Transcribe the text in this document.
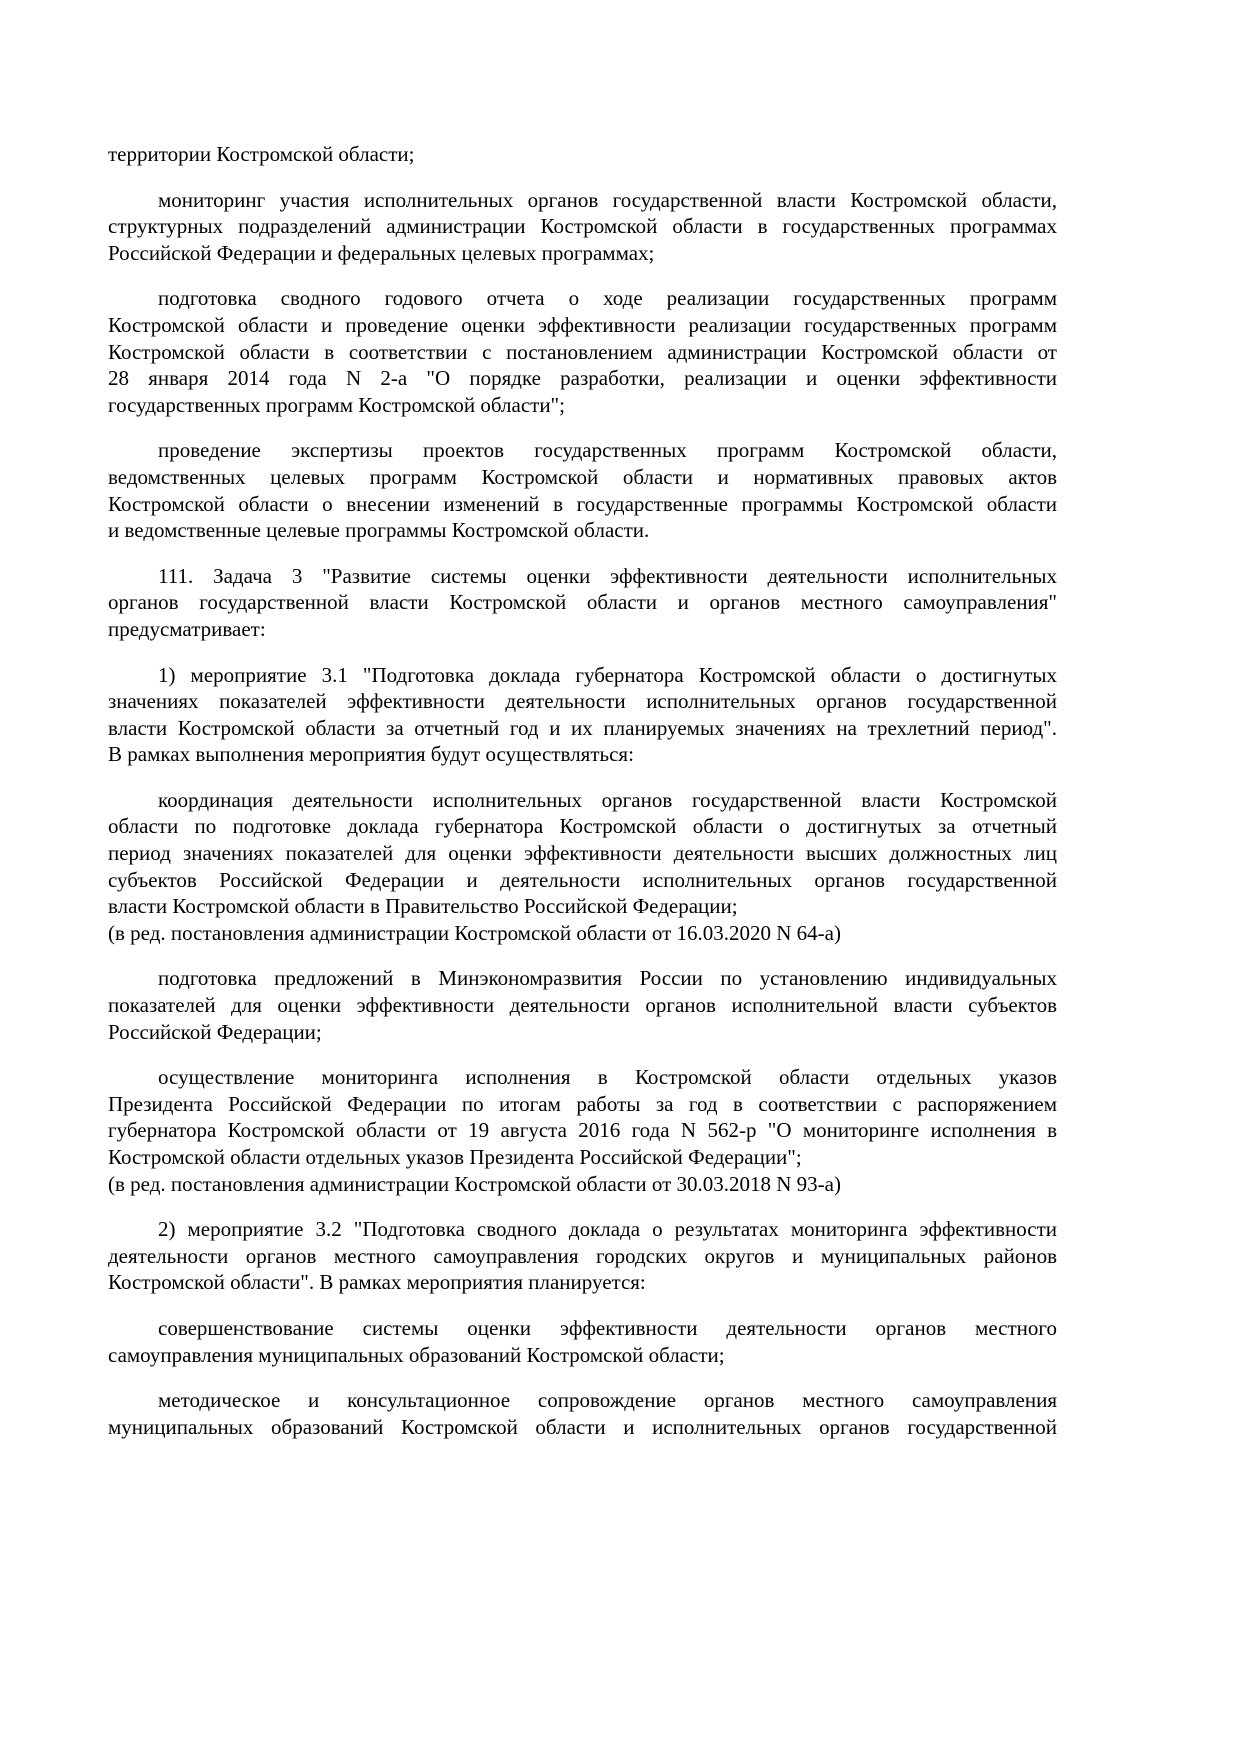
территории Костромской области;
мониторинг участия исполнительных органов государственной власти Костромской области,
структурных подразделений администрации Костромской области в государственных программах
Российской Федерации и федеральных целевых программах;
подготовка сводного годового отчета о ходе реализации государственных программ
Костромской области и проведение оценки эффективности реализации государственных программ
Костромской области в соответствии с постановлением администрации Костромской области от
28 января 2014 года N 2-а "О порядке разработки, реализации и оценки эффективности
государственных программ Костромской области";
проведение экспертизы проектов государственных программ Костромской области,
ведомственных целевых программ Костромской области и нормативных правовых актов
Костромской области о внесении изменений в государственные программы Костромской области
и ведомственные целевые программы Костромской области.
111. Задача 3 "Развитие системы оценки эффективности деятельности исполнительных
органов государственной власти Костромской области и органов местного самоуправления"
предусматривает:
1) мероприятие 3.1 "Подготовка доклада губернатора Костромской области о достигнутых
значениях показателей эффективности деятельности исполнительных органов государственной
власти Костромской области за отчетный год и их планируемых значениях на трехлетний период".
В рамках выполнения мероприятия будут осуществляться:
координация деятельности исполнительных органов государственной власти Костромской
области по подготовке доклада губернатора Костромской области о достигнутых за отчетный
период значениях показателей для оценки эффективности деятельности высших должностных лиц
субъектов Российской Федерации и деятельности исполнительных органов государственной
власти Костромской области в Правительство Российской Федерации;
(в ред. постановления администрации Костромской области от 16.03.2020 N 64-а)
подготовка предложений в Минэкономразвития России по установлению индивидуальных
показателей для оценки эффективности деятельности органов исполнительной власти субъектов
Российской Федерации;
осуществление мониторинга исполнения в Костромской области отдельных указов
Президента Российской Федерации по итогам работы за год в соответствии с распоряжением
губернатора Костромской области от 19 августа 2016 года N 562-р "О мониторинге исполнения в
Костромской области отдельных указов Президента Российской Федерации";
(в ред. постановления администрации Костромской области от 30.03.2018 N 93-а)
2) мероприятие 3.2 "Подготовка сводного доклада о результатах мониторинга эффективности
деятельности органов местного самоуправления городских округов и муниципальных районов
Костромской области". В рамках мероприятия планируется:
совершенствование системы оценки эффективности деятельности органов местного
самоуправления муниципальных образований Костромской области;
методическое и консультационное сопровождение органов местного самоуправления
муниципальных образований Костромской области и исполнительных органов государственной
